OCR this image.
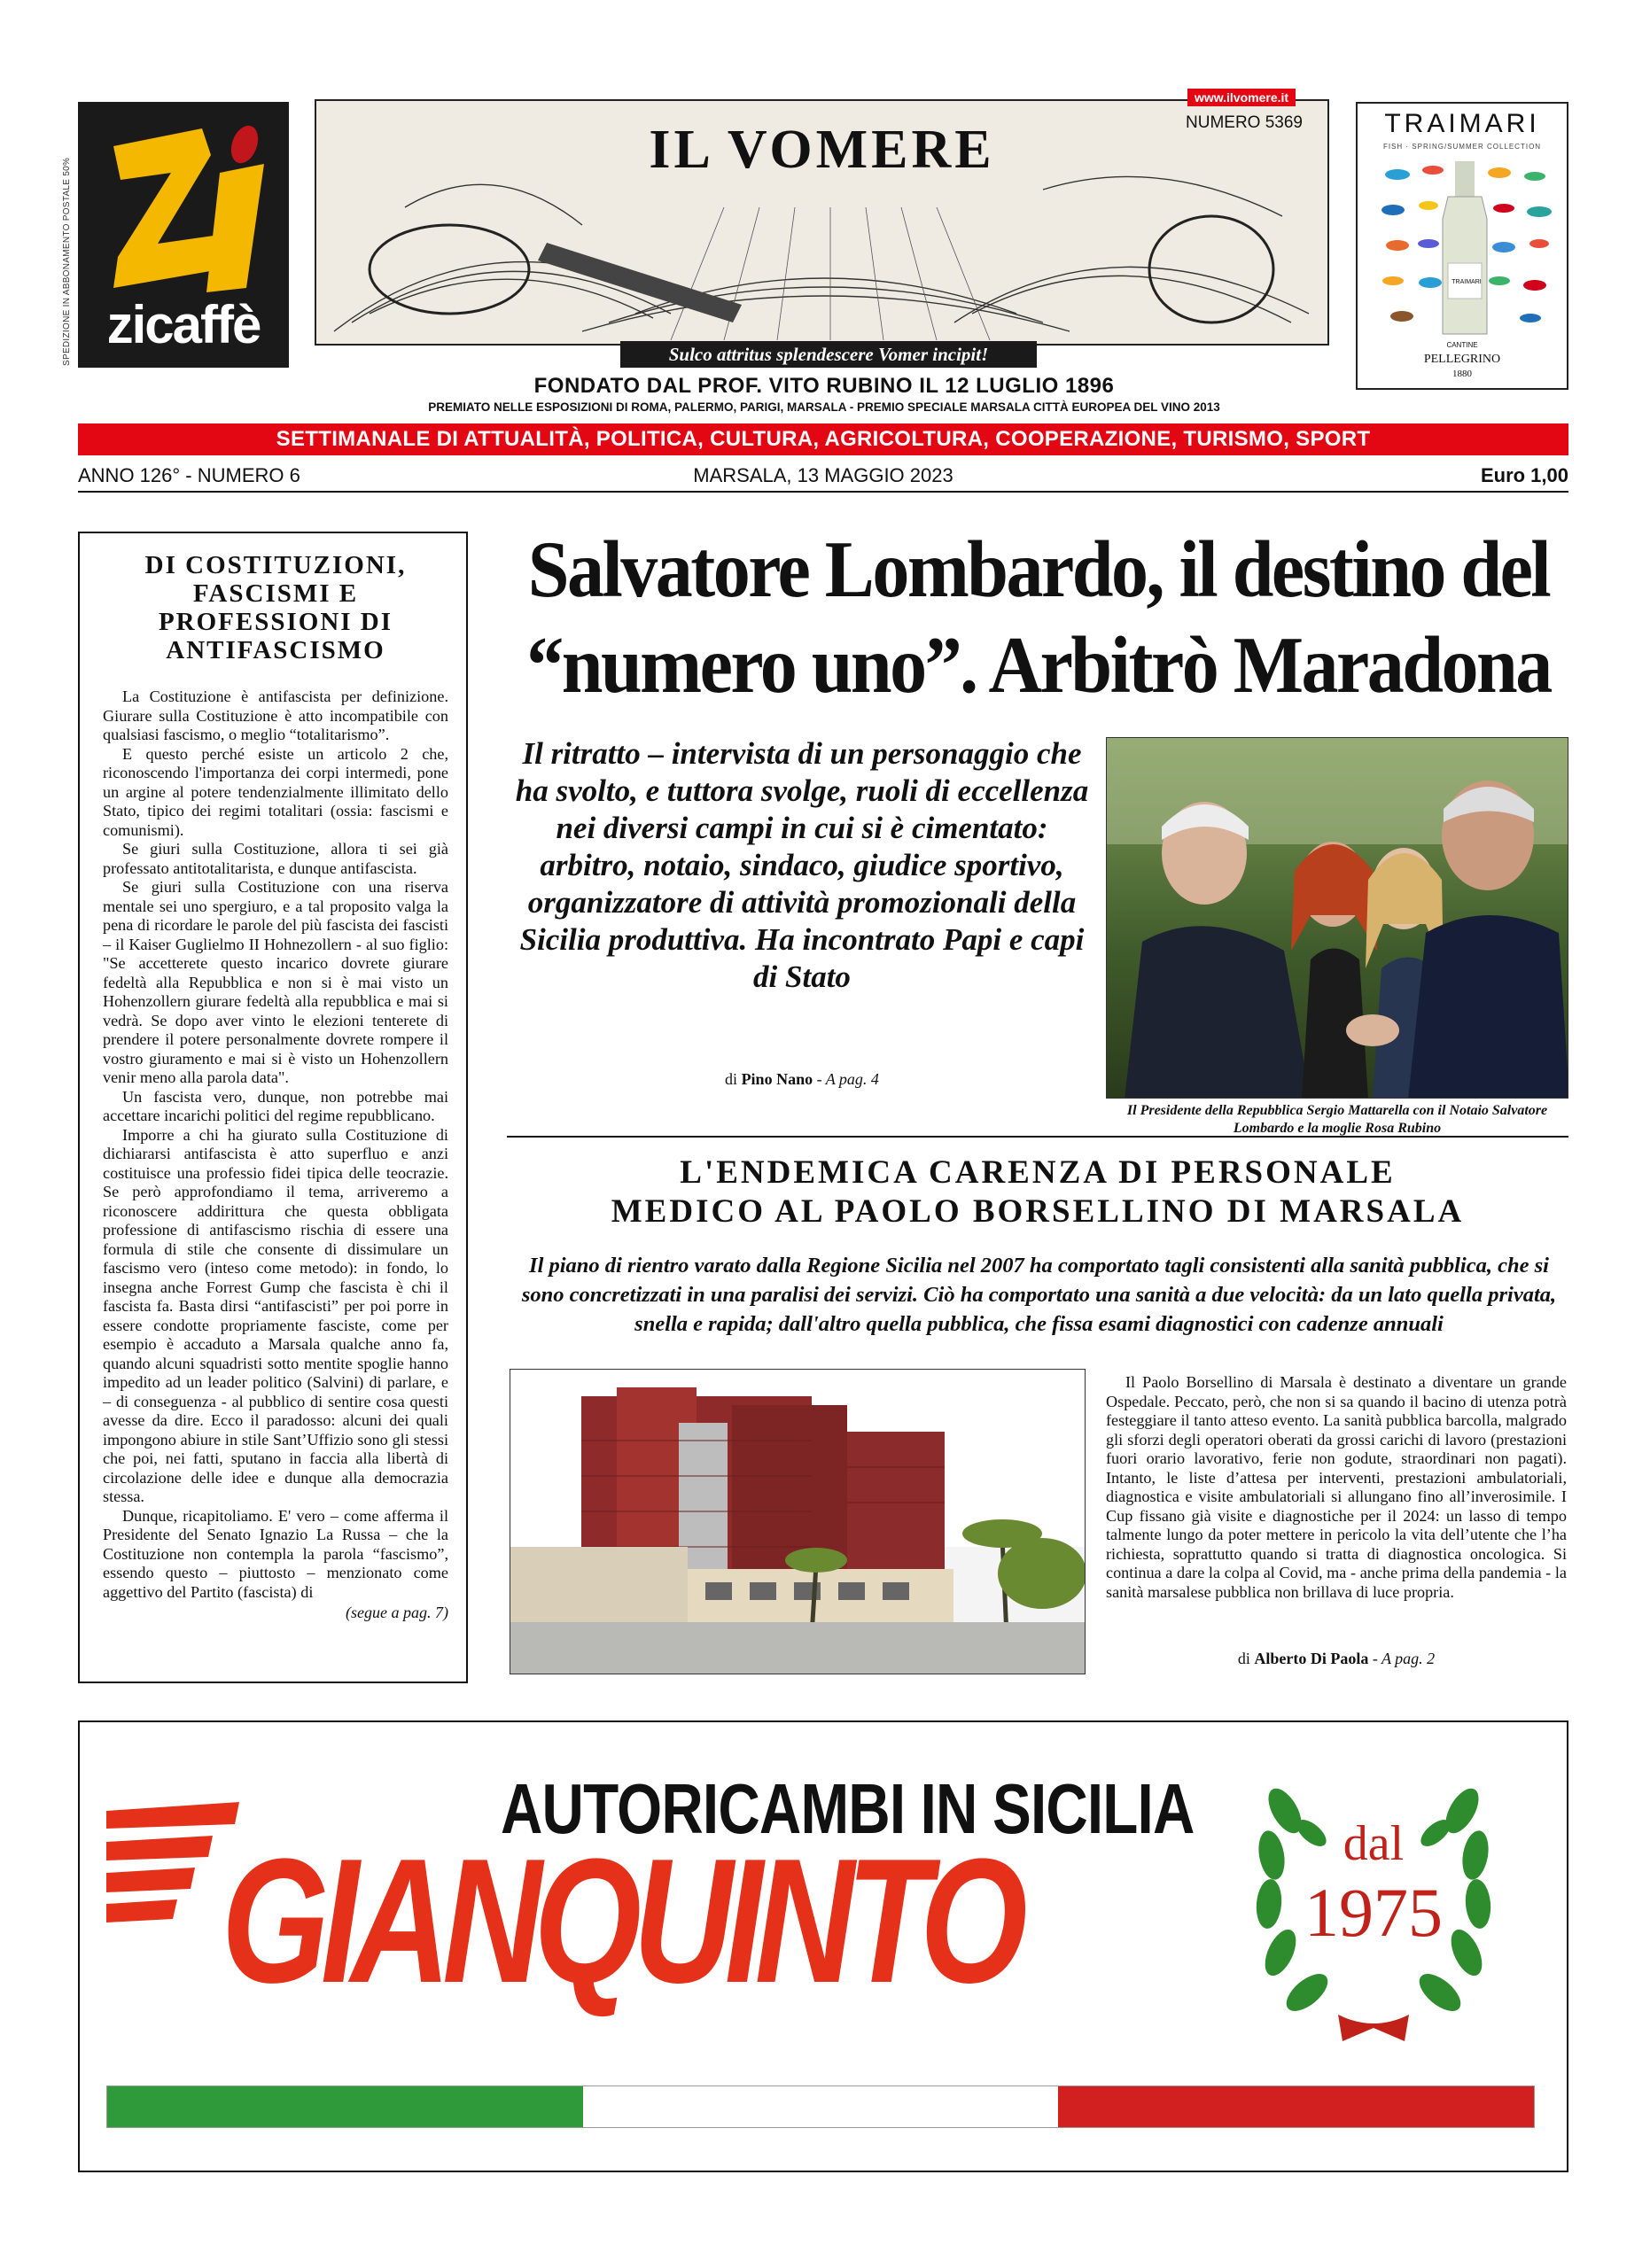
SPEDIZIONE IN ABBONAMENTO POSTALE 50% zicaffè
IL VOMERE
Sulco attritus splendescere Vomer incipit!
www.ilvomere.it
NUMERO 5369	TRAIMARI
FISH · SPRING/SUMMER COLLECTION
TRAIMARI
CANTINE
PELLEGRINO
1880
FONDATO DAL PROF. VITO RUBINO IL 12 LUGLIO 1896
PREMIATO NELLE ESPOSIZIONI DI ROMA, PALERMO, PARIGI, MARSALA - PREMIO SPECIALE MARSALA CITTÀ EUROPEA DEL VINO 2013
SETTIMANALE DI ATTUALITÀ, POLITICA, CULTURA, AGRICOLTURA, COOPERAZIONE, TURISMO, SPORT
ANNO 126° - NUMERO 6	MARSALA, 13 MAGGIO 2023	Euro 1,00
DI COSTITUZIONI, FASCISMI E PROFESSIONI DI ANTIFASCISMO

La Costituzione è antifascista per definizione. Giurare sulla Costituzione è atto incompatibile con qualsiasi fascismo, o meglio “totalitarismo”.

E questo perché esiste un articolo 2 che, riconoscendo l'importanza dei corpi intermedi, pone un argine al potere tendenzialmente illimitato dello Stato, tipico dei regimi totalitari (ossia: fascismi e comunismi).

Se giuri sulla Costituzione, allora ti sei già professato antitotalitarista, e dunque antifascista.

Se giuri sulla Costituzione con una riserva mentale sei uno spergiuro, e a tal proposito valga la pena di ricordare le parole del più fascista dei fascisti – il Kaiser Guglielmo II Hohnezollern - al suo figlio: "Se accetterete questo incarico dovrete giurare fedeltà alla Repubblica e non si è mai visto un Hohenzollern giurare fedeltà alla repubblica e mai si vedrà. Se dopo aver vinto le elezioni tenterete di prendere il potere personalmente dovrete rompere il vostro giuramento e mai si è visto un Hohenzollern venir meno alla parola data".

Un fascista vero, dunque, non potrebbe mai accettare incarichi politici del regime repubblicano.

Imporre a chi ha giurato sulla Costituzione di dichiararsi antifascista è atto superfluo e anzi costituisce una professio fidei tipica delle teocrazie. Se però approfondiamo il tema, arriveremo a riconoscere addirittura che questa obbligata professione di antifascismo rischia di essere una formula di stile che consente di dissimulare un fascismo vero (inteso come metodo): in fondo, lo insegna anche Forrest Gump che fascista è chi il fascista fa. Basta dirsi “antifascisti” per poi porre in essere condotte propriamente fasciste, come per esempio è accaduto a Marsala qualche anno fa, quando alcuni squadristi sotto mentite spoglie hanno impedito ad un leader politico (Salvini) di parlare, e – di conseguenza - al pubblico di sentire cosa questi avesse da dire. Ecco il paradosso: alcuni dei quali impongono abiure in stile Sant’Uffizio sono gli stessi che poi, nei fatti, sputano in faccia alla libertà di circolazione delle idee e dunque alla democrazia stessa.

Dunque, ricapitoliamo. E' vero – come afferma il Presidente del Senato Ignazio La Russa – che la Costituzione non contempla la parola “fascismo”, essendo questo – piuttosto – menzionato come aggettivo del Partito (fascista) di

(segue a pag. 7)
Salvatore Lombardo, il destino del
“numero uno”. Arbitrò Maradona
Il ritratto – intervista di un personaggio che ha svolto, e tuttora svolge, ruoli di eccellenza nei diversi campi in cui si è cimentato: arbitro, notaio, sindaco, giudice sportivo, organizzatore di attività promozionali della Sicilia produttiva. Ha incontrato Papi e capi di Stato
di Pino Nano - A pag. 4
Il Presidente della Repubblica Sergio Mattarella con il Notaio Salvatore Lombardo e la moglie Rosa Rubino
L'ENDEMICA CARENZA DI PERSONALE
MEDICO AL PAOLO BORSELLINO DI MARSALA
Il piano di rientro varato dalla Regione Sicilia nel 2007 ha comportato tagli consistenti alla sanità pubblica, che si sono concretizzati in una paralisi dei servizi. Ciò ha comportato una sanità a due velocità: da un lato quella privata, snella e rapida; dall'altro quella pubblica, che fissa esami diagnostici con cadenze annuali

Il Paolo Borsellino di Marsala è destinato a diventare un grande Ospedale. Peccato, però, che non si sa quando il bacino di utenza potrà festeggiare il tanto atteso evento. La sanità pubblica barcolla, malgrado gli sforzi degli operatori oberati da grossi carichi di lavoro (prestazioni fuori orario lavorativo, ferie non godute, straordinari non pagati). Intanto, le liste d’attesa per interventi, prestazioni ambulatoriali, diagnostica e visite ambulatoriali si allungano fino all’inverosimile. I Cup fissano già visite e diagnostiche per il 2024: un lasso di tempo talmente lungo da poter mettere in pericolo la vita dell’utente che l’ha richiesta, soprattutto quando si tratta di diagnostica oncologica. Si continua a dare la colpa al Covid, ma - anche prima della pandemia - la sanità marsalese pubblica non brillava di luce propria.

di Alberto Di Paola - A pag. 2
AUTORICAMBI IN SICILIA
GIANQUINTO	dal
1975
